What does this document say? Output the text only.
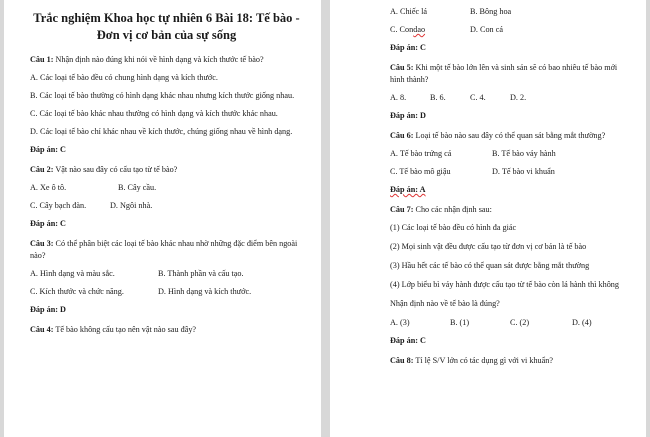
Trắc nghiệm Khoa học tự nhiên 6 Bài 18: Tế bào -

Đơn vị cơ bản của sự sống

Câu 1: Nhận định nào đúng khi nói về hình dạng và kích thước tế bào?

A. Các loại tế bào đều có chung hình dạng và kích thước.

B. Các loại tế bào thường có hình dạng khác nhau nhưng kích thước giống nhau.

C. Các loại tế bào khác nhau thường có hình dạng và kích thước khác nhau.

D. Các loại tế bào chỉ khác nhau về kích thước, chúng giống nhau về hình dạng.

Đáp án: C

Câu 2: Vật nào sau đây có cấu tạo từ tế bào?

A. Xe ô tô.	B. Cây cầu.
C. Cây bạch đàn.	D. Ngôi nhà.

Đáp án: C

Câu 3: Có thể phân biệt các loại tế bào khác nhau nhờ những đặc điểm bên ngoài nào?

A. Hình dạng và màu sắc.	B. Thành phần và cấu tạo.
C. Kích thước và chức năng.	D. Hình dạng và kích thước.

Đáp án: D

Câu 4: Tế bào không cấu tạo nên vật nào sau đây?

A. Chiếc lá	B. Bông hoa
C. Condao	D. Con cá

Đáp án: C

Câu 5: Khi một tế bào lớn lên và sinh sản sẽ có bao nhiêu tế bào mới hình thành?

A. 8.	B. 6.	C. 4.	D. 2.

Đáp án: D

Câu 6: Loại tế bào nào sau đây có thể quan sát bằng mắt thường?

A. Tế bào trứng cá	B. Tế bào vảy hành
C. Tế bào mô giậu	D. Tế bào vi khuẩn

Đáp án: A

Câu 7: Cho các nhận định sau:

(1) Các loại tế bào đều có hình đa giác

(2) Mọi sinh vật đều được cấu tạo từ đơn vị cơ bản là tế bào

(3) Hầu hết các tế bào có thể quan sát được bằng mắt thường

(4) Lớp biểu bì vảy hành được cấu tạo từ tế bào còn lá hành thì không

Nhận định nào về tế bào là đúng?

A. (3)	B. (1)	C. (2)	D. (4)

Đáp án: C

Câu 8: Tỉ lệ S/V lớn có tác dụng gì với vi khuẩn?
